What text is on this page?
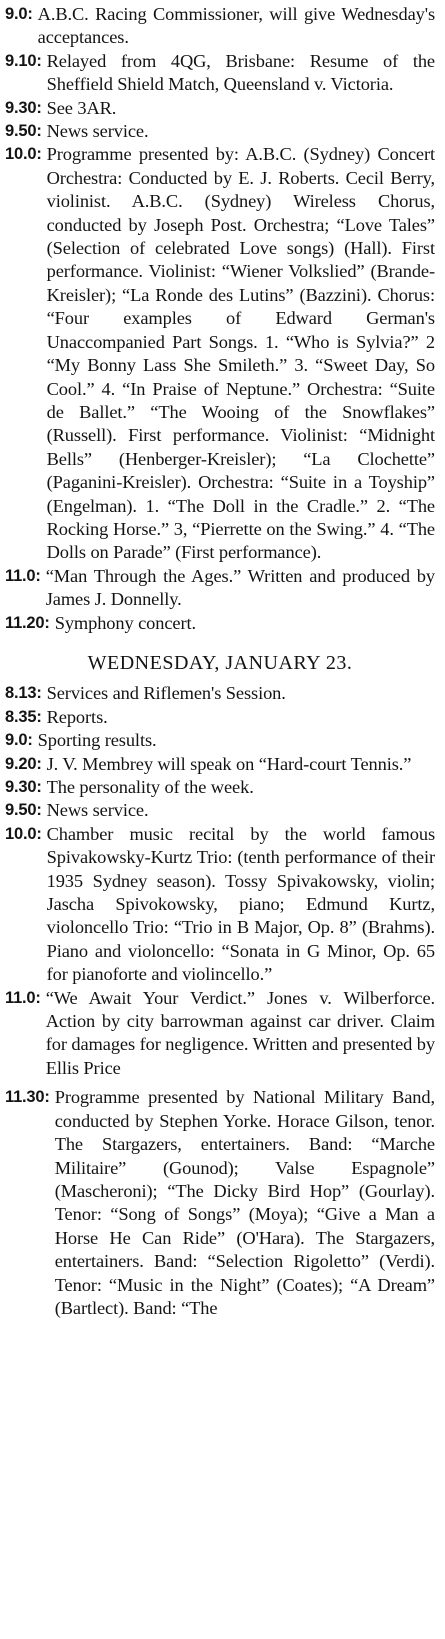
9.0: A.B.C. Racing Commissioner, will give Wednesday's acceptances.
9.10: Relayed from 4QG, Brisbane: Resume of the Sheffield Shield Match, Queensland v. Victoria.
9.30: See 3AR.
9.50: News service.
10.0: Programme presented by: A.B.C. (Sydney) Concert Orchestra: Conducted by E. J. Roberts. Cecil Berry, violinist. A.B.C. (Sydney) Wireless Chorus, conducted by Joseph Post. Orchestra; “Love Tales” (Selection of celebrated Love songs) (Hall). First performance. Violinist: “Wiener Volkslied” (Brande-Kreisler); “La Ronde des Lutins” (Bazzini). Chorus: “Four examples of Edward German's Unaccompanied Part Songs. 1. “Who is Sylvia?” 2 “My Bonny Lass She Smileth.” 3. “Sweet Day, So Cool.” 4. “In Praise of Neptune.” Orchestra: “Suite de Ballet.” “The Wooing of the Snowflakes” (Russell). First performance. Violinist: “Midnight Bells” (Henberger-Kreisler); “La Clochette” (Paganini-Kreisler). Orchestra: “Suite in a Toyship” (Engelman). 1. “The Doll in the Cradle.” 2. “The Rocking Horse.” 3, “Pierrette on the Swing.” 4. “The Dolls on Parade” (First performance).
11.0: “Man Through the Ages.” Written and produced by James J. Donnelly.
11.20: Symphony concert.
WEDNESDAY, JANUARY 23.
8.13: Services and Riflemen's Session.
8.35: Reports.
9.0: Sporting results.
9.20: J. V. Membrey will speak on “Hard-court Tennis.”
9.30: The personality of the week.
9.50: News service.
10.0: Chamber music recital by the world famous Spivakowsky-Kurtz Trio: (tenth performance of their 1935 Sydney season). Tossy Spivakowsky, violin; Jascha Spivokowsky, piano; Edmund Kurtz, violoncello Trio: “Trio in B Major, Op. 8” (Brahms). Piano and violoncello: “Sonata in G Minor, Op. 65 for pianoforte and violincello.”
11.0: “We Await Your Verdict.” Jones v. Wilberforce. Action by city barrowman against car driver. Claim for damages for negligence. Written and presented by Ellis Price
11.30: Programme presented by National Military Band, conducted by Stephen Yorke. Horace Gilson, tenor. The Stargazers, entertainers. Band: “Marche Militaire” (Gounod); Valse Espagnole” (Mascheroni); “The Dicky Bird Hop” (Gourlay). Tenor: “Song of Songs” (Moya); “Give a Man a Horse He Can Ride” (O'Hara). The Stargazers, entertainers. Band: “Selection Rigoletto” (Verdi). Tenor: “Music in the Night” (Coates); “A Dream” (Bartlect). Band: “The
